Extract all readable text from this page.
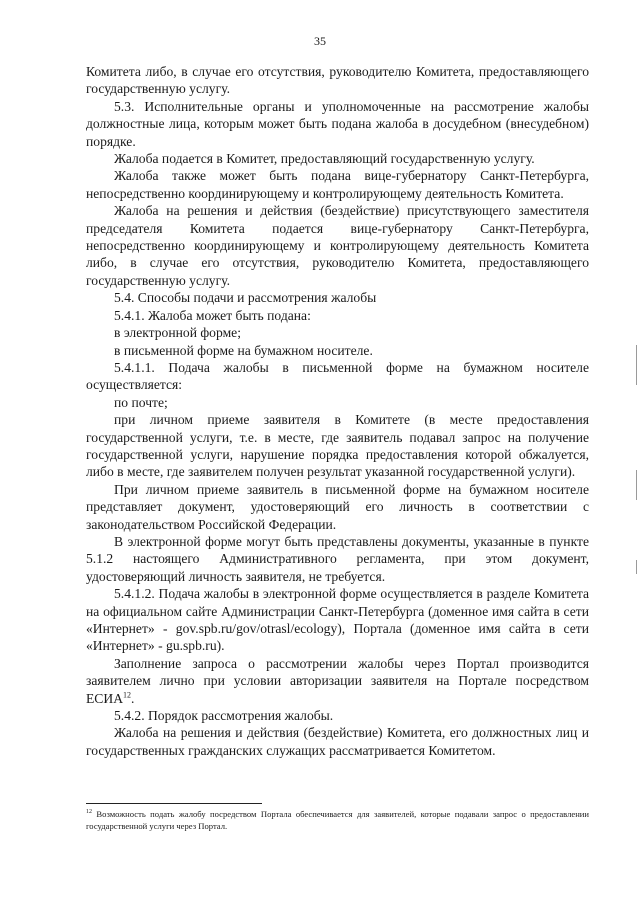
35

Комитета либо, в случае его отсутствия, руководителю Комитета, предоставляющего государственную услугу.

5.3. Исполнительные органы и уполномоченные на рассмотрение жалобы должностные лица, которым может быть подана жалоба в досудебном (внесудебном) порядке.

Жалоба подается в Комитет, предоставляющий государственную услугу.

Жалоба также может быть подана вице-губернатору Санкт-Петербурга, непосредственно координирующему и контролирующему деятельность Комитета.

Жалоба на решения и действия (бездействие) присутствующего заместителя председателя Комитета подается вице-губернатору Санкт-Петербурга, непосредственно координирующему и контролирующему деятельность Комитета либо, в случае его отсутствия, руководителю Комитета, предоставляющего государственную услугу.

5.4. Способы подачи и рассмотрения жалобы

5.4.1. Жалоба может быть подана:

в электронной форме;

в письменной форме на бумажном носителе.

5.4.1.1. Подача жалобы в письменной форме на бумажном носителе осуществляется:

по почте;

при личном приеме заявителя в Комитете (в месте предоставления государственной услуги, т.е. в месте, где заявитель подавал запрос на получение государственной услуги, нарушение порядка предоставления которой обжалуется, либо в месте, где заявителем получен результат указанной государственной услуги).

При личном приеме заявитель в письменной форме на бумажном носителе представляет документ, удостоверяющий его личность в соответствии с законодательством Российской Федерации.

В электронной форме могут быть представлены документы, указанные в пункте 5.1.2 настоящего Административного регламента, при этом документ, удостоверяющий личность заявителя, не требуется.

5.4.1.2. Подача жалобы в электронной форме осуществляется в разделе Комитета на официальном сайте Администрации Санкт-Петербурга (доменное имя сайта в сети «Интернет» - gov.spb.ru/gov/otrasl/ecology), Портала (доменное имя сайта в сети «Интернет» - gu.spb.ru).

Заполнение запроса о рассмотрении жалобы через Портал производится заявителем лично при условии авторизации заявителя на Портале посредством ЕСИА$^{12}$.

5.4.2. Порядок рассмотрения жалобы.

Жалоба на решения и действия (бездействие) Комитета, его должностных лиц и государственных гражданских служащих рассматривается Комитетом.

$^{12}$ Возможность подать жалобу посредством Портала обеспечивается для заявителей, которые подавали запрос о предоставлении государственной услуги через Портал.
